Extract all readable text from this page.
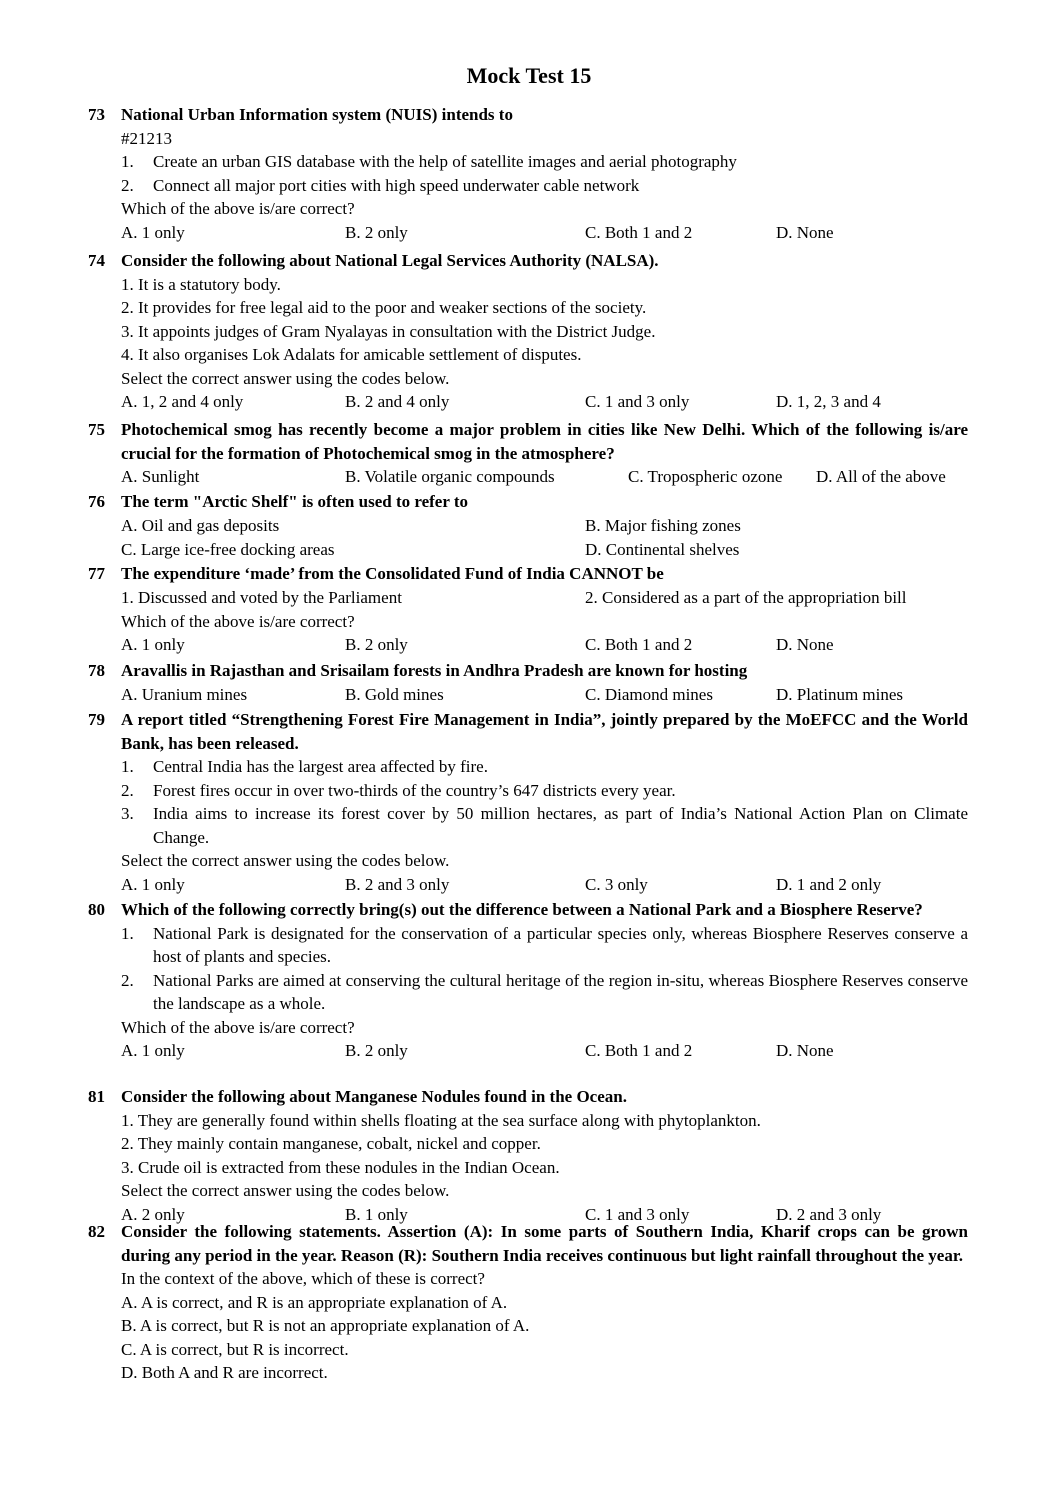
Mock Test 15
73 National Urban Information system (NUIS) intends to
#21213
1.	Create an urban GIS database with the help of satellite images and aerial photography
2.	Connect all major port cities with high speed underwater cable network
Which of the above is/are correct?
A. 1 only	B. 2 only	C. Both 1 and 2	D. None
74 Consider the following about National Legal Services Authority (NALSA).
1. It is a statutory body.
2. It provides for free legal aid to the poor and weaker sections of the society.
3. It appoints judges of Gram Nyalayas in consultation with the District Judge.
4. It also organises Lok Adalats for amicable settlement of disputes.
Select the correct answer using the codes below.
A. 1, 2 and 4 only	B. 2 and 4 only	C. 1 and 3 only	D. 1, 2, 3 and 4
75 Photochemical smog has recently become a major problem in cities like New Delhi. Which of the following is/are crucial for the formation of Photochemical smog in the atmosphere?
A. Sunlight	B. Volatile organic compounds	C. Tropospheric ozone D. All of the above
76 The term "Arctic Shelf" is often used to refer to
A. Oil and gas deposits	B. Major fishing zones
C. Large ice-free docking areas	D. Continental shelves
77 The expenditure ‘made’ from the Consolidated Fund of India CANNOT be
1. Discussed and voted by the Parliament	2. Considered as a part of the appropriation bill
Which of the above is/are correct?
A. 1 only	B. 2 only	C. Both 1 and 2	D. None
78 Aravallis in Rajasthan and Srisailam forests in Andhra Pradesh are known for hosting
A. Uranium mines	B. Gold mines	C. Diamond mines	D. Platinum mines
79 A report titled “Strengthening Forest Fire Management in India”, jointly prepared by the MoEFCC and the World Bank, has been released.
1.	Central India has the largest area affected by fire.
2.	Forest fires occur in over two-thirds of the country’s 647 districts every year.
3.	India aims to increase its forest cover by 50 million hectares, as part of India’s National Action Plan on Climate Change.
Select the correct answer using the codes below.
A. 1 only	B. 2 and 3 only	C. 3 only	D. 1 and 2 only
80 Which of the following correctly bring(s) out the difference between a National Park and a Biosphere Reserve?
1.	National Park is designated for the conservation of a particular species only, whereas Biosphere Reserves conserve a host of plants and species.
2.	National Parks are aimed at conserving the cultural heritage of the region in-situ, whereas Biosphere Reserves conserve the landscape as a whole.
Which of the above is/are correct?
A. 1 only	B. 2 only	C. Both 1 and 2	D. None
81 Consider the following about Manganese Nodules found in the Ocean.
1. They are generally found within shells floating at the sea surface along with phytoplankton.
2. They mainly contain manganese, cobalt, nickel and copper.
3. Crude oil is extracted from these nodules in the Indian Ocean.
Select the correct answer using the codes below.
A. 2 only	B. 1 only	C. 1 and 3 only	D. 2 and 3 only
82 Consider the following statements. Assertion (A): In some parts of Southern India, Kharif crops can be grown during any period in the year. Reason (R): Southern India receives continuous but light rainfall throughout the year.
In the context of the above, which of these is correct?
A. A is correct, and R is an appropriate explanation of A.
B. A is correct, but R is not an appropriate explanation of A.
C. A is correct, but R is incorrect.
D. Both A and R are incorrect.
